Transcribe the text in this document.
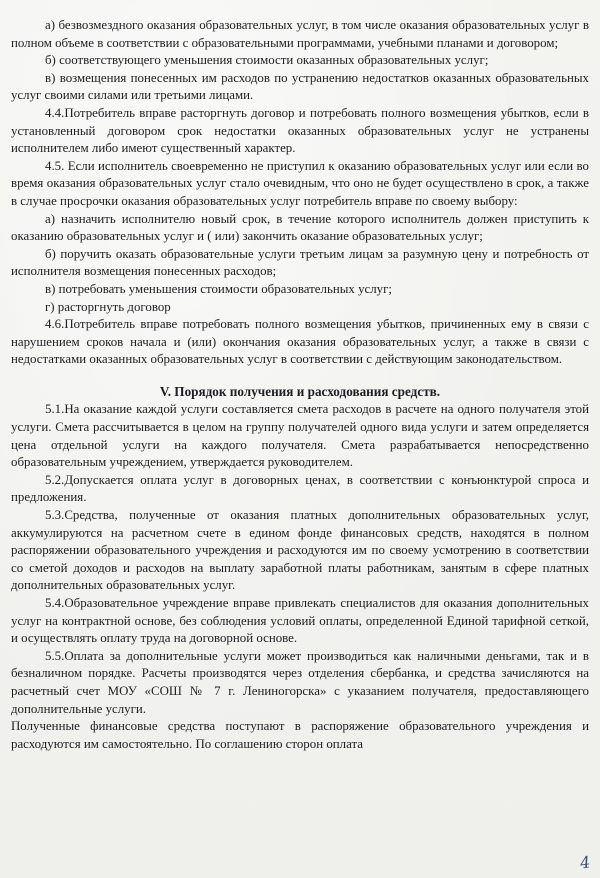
а) безвозмездного оказания образовательных услуг, в том числе оказания образовательных услуг в полном объеме в соответствии с образовательными программами, учебными планами и договором;

б) соответствующего уменьшения стоимости оказанных образовательных услуг;

в) возмещения понесенных им расходов по устранению недостатков оказанных образовательных услуг своими силами или третьими лицами.

4.4.Потребитель вправе расторгнуть договор и потребовать полного возмещения убытков, если в установленный договором срок недостатки оказанных образовательных услуг не устранены исполнителем либо имеют существенный характер.

4.5. Если исполнитель своевременно не приступил к оказанию образовательных услуг или если во время оказания образовательных услуг стало очевидным, что оно не будет осуществлено в срок, а также в случае просрочки оказания образовательных услуг потребитель вправе по своему выбору:

а) назначить исполнителю новый срок, в течение которого исполнитель должен приступить к оказанию образовательных услуг и ( или) закончить оказание образовательных услуг;

б) поручить оказать образовательные услуги третьим лицам за разумную цену и потребность от исполнителя возмещения понесенных расходов;

в) потребовать уменьшения стоимости образовательных услуг;

г) расторгнуть договор

4.6.Потребитель вправе потребовать полного возмещения убытков, причиненных ему в связи с нарушением сроков начала и (или) окончания оказания образовательных услуг, а также в связи с недостатками оказанных образовательных услуг в соответствии с действующим законодательством.

V. Порядок получения и расходования средств.

5.1.На оказание каждой услуги составляется смета расходов в расчете на одного получателя этой услуги. Смета рассчитывается в целом на группу получателей одного вида услуги и затем определяется цена отдельной услуги на каждого получателя. Смета разрабатывается непосредственно образовательным учреждением, утверждается руководителем.

5.2.Допускается оплата услуг в договорных ценах, в соответствии с конъюнктурой спроса и предложения.

5.3.Средства, полученные от оказания платных дополнительных образовательных услуг, аккумулируются на расчетном счете в едином фонде финансовых средств, находятся в полном распоряжении образовательного учреждения и расходуются им по своему усмотрению в соответствии со сметой доходов и расходов на выплату заработной платы работникам, занятым в сфере платных дополнительных образовательных услуг.

5.4.Образовательное учреждение вправе привлекать специалистов для оказания дополнительных услуг на контрактной основе, без соблюдения условий оплаты, определенной Единой тарифной сеткой, и осуществлять оплату труда на договорной основе.

5.5.Оплата за дополнительные услуги может производиться как наличными деньгами, так и в безналичном порядке. Расчеты производятся через отделения сбербанка, и средства зачисляются на расчетный счет МОУ «СОШ № 7 г. Лениногорска» с указанием получателя, предоставляющего дополнительные услуги.

Полученные финансовые средства поступают в распоряжение образовательного учреждения и расходуются им самостоятельно. По соглашению сторон оплата

4
